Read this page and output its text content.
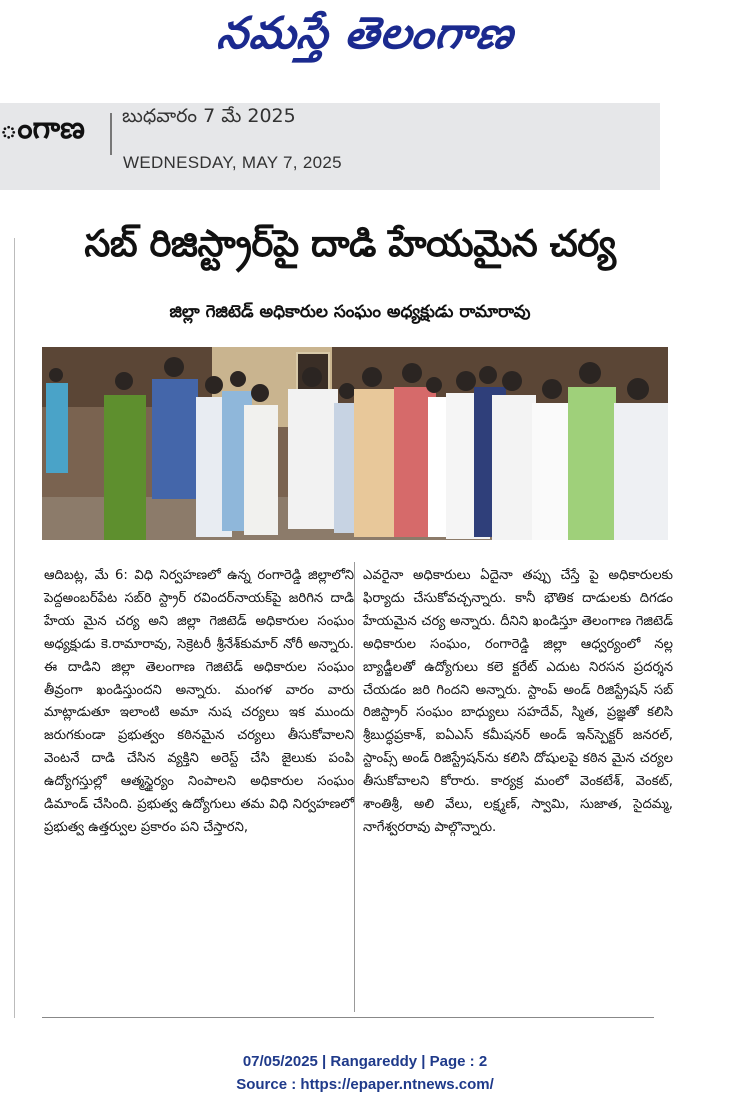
నమస్తే తెలంగాణ
ంగాణ బుధవారం 7 మే 2025
WEDNESDAY, MAY 7, 2025
సబ్ రిజిస్ట్రార్‌పై దాడి హేయమైన చర్య
జిల్లా గెజిటెడ్ అధికారుల సంఘం అధ్యక్షుడు రామారావు

ఆదిబట్ల, మే 6: విధి నిర్వహణలో ఉన్న రంగారెడ్డి జిల్లాలోని పెద్దఅంబర్‌పేట సబ్‌రి స్ట్రార్ రవిందర్‌నాయక్‌పై జరిగిన దాడి హేయ మైన చర్య అని జిల్లా గెజిటెడ్ అధికారుల సంఘం అధ్యక్షుడు కె.రామారావు, సెక్రెటరీ శ్రీనేశ్‌కుమార్ నోరీ అన్నారు. ఈ దాడిని జిల్లా తెలంగాణ గెజిటెడ్ అధికారుల సంఘం తీవ్రంగా ఖండిస్తుందని అన్నారు. మంగళ వారం వారు మాట్లాడుతూ ఇలాంటి అమా నుష చర్యలు ఇక ముందు జరుగకుండా ప్రభుత్వం కఠినమైన చర్యలు తీసుకోవాలని వెంటనే దాడి చేసిన వ్యక్తిని అరెస్ట్ చేసి జైలుకు పంపి ఉద్యోగస్తుల్లో ఆత్మస్థైర్యం నింపాలని అధికారుల సంఘం డిమాండ్ చేసింది. ప్రభుత్వ ఉద్యోగులు తమ విధి నిర్వహణలో ప్రభుత్వ ఉత్తర్వుల ప్రకారం పని చేస్తారని,

ఎవరైనా అధికారులు ఏదైనా తప్పు చేస్తే పై అధికారులకు ఫిర్యాదు చేసుకోవచ్చన్నారు. కానీ భౌతిక దాడులకు దిగడం హేయమైన చర్య అన్నారు. దీనిని ఖండిస్తూ తెలంగాణ గెజిటెడ్ అధికారుల సంఘం, రంగారెడ్డి జిల్లా ఆధ్వర్యంలో నల్ల బ్యాడ్జీలతో ఉద్యోగులు కలె క్టరేట్ ఎదుట నిరసన ప్రదర్శన చేయడం జరి గిందని అన్నారు. స్టాంప్ అండ్ రిజిస్ట్రేషన్ సబ్ రిజిస్ట్రార్ సంఘం బాధ్యులు సహదేవ్, స్మిత, ప్రజ్ఞతో కలిసి శ్రీబుద్ధప్రకాశ్, ఐఏఎస్ కమీషనర్ అండ్ ఇన్‌స్పెక్టర్ జనరల్, స్టాంప్స్ అండ్ రిజిస్ట్రేషన్‌ను కలిసి దోషులపై కఠిన మైన చర్యల తీసుకోవాలని కోరారు. కార్యక్ర మంలో వెంకటేశ్, వెంకట్, శాంతిశ్రీ, అలి వేలు, లక్ష్మణ్, స్వామి, సుజాత, సైదమ్మ, నాగేశ్వరరావు పాల్గొన్నారు.

07/05/2025 | Rangareddy | Page : 2
Source : https://epaper.ntnews.com/
